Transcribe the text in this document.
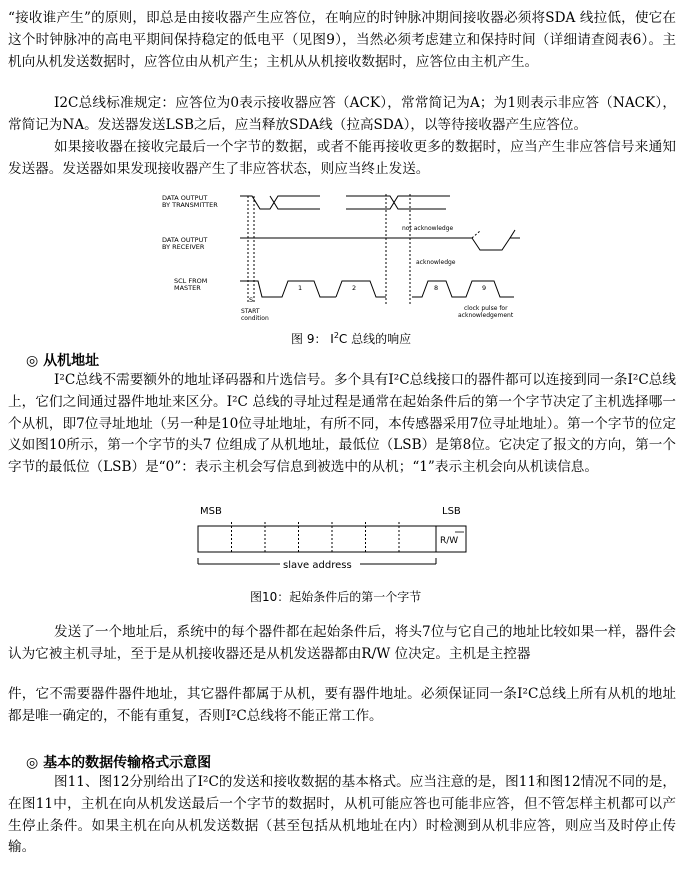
“接收谁产生”的原则，即总是由接收器产生应答位，在响应的时钟脉冲期间接收器必须将SDA 线拉低，使它在这个时钟脉冲的高电平期间保持稳定的低电平（见图9），当然必须考虑建立和保持时间（详细请查阅表6）。主机向从机发送数据时，应答位由从机产生；主机从从机接收数据时，应答位由主机产生。

I2C总线标准规定：应答位为0表示接收器应答（ACK），常常简记为A；为1则表示非应答（NACK），常简记为NA。发送器发送LSB之后，应当释放SDA线（拉高SDA），以等待接收器产生应答位。

如果接收器在接收完最后一个字节的数据，或者不能再接收更多的数据时，应当产生非应答信号来通知发送器。发送器如果发现接收器产生了非应答状态，则应当终止发送。

DATA OUTPUT
BY TRANSMITTER
DATA OUTPUT
BY RECEIVER
SCL FROM
MASTER
not acknowledge
acknowledge
S
1	2	8	9
START
condition
clock pulse for
acknowledgement
图 9： $I^2C$ 总线的响应

◎ 从机地址

I²C总线不需要额外的地址译码器和片选信号。多个具有I²C总线接口的器件都可以连接到同一条I²C总线上，它们之间通过器件地址来区分。I²C 总线的寻址过程是通常在起始条件后的第一个字节决定了主机选择哪一个从机，即7位寻址地址（另一种是10位寻址地址，有所不同，本传感器采用7位寻址地址）。第一个字节的位定义如图10所示，第一个字节的头7 位组成了从机地址，最低位（LSB）是第8位。它决定了报文的方向，第一个字节的最低位（LSB）是“0”：表示主机会写信息到被选中的从机；“1”表示主机会向从机读信息。

MSB	LSB
R/W
slave address
图10：起始条件后的第一个字节

发送了一个地址后，系统中的每个器件都在起始条件后，将头7位与它自己的地址比较如果一样，器件会认为它被主机寻址，至于是从机接收器还是从机发送器都由R/W 位决定。主机是主控器

件，它不需要器件器件地址，其它器件都属于从机，要有器件地址。必须保证同一条I²C总线上所有从机的地址都是唯一确定的，不能有重复，否则I²C总线将不能正常工作。

◎ 基本的数据传输格式示意图

图11、图12分别给出了I²C的发送和接收数据的基本格式。应当注意的是，图11和图12情况不同的是，在图11中，主机在向从机发送最后一个字节的数据时，从机可能应答也可能非应答，但不管怎样主机都可以产生停止条件。如果主机在向从机发送数据（甚至包括从机地址在内）时检测到从机非应答，则应当及时停止传输。
